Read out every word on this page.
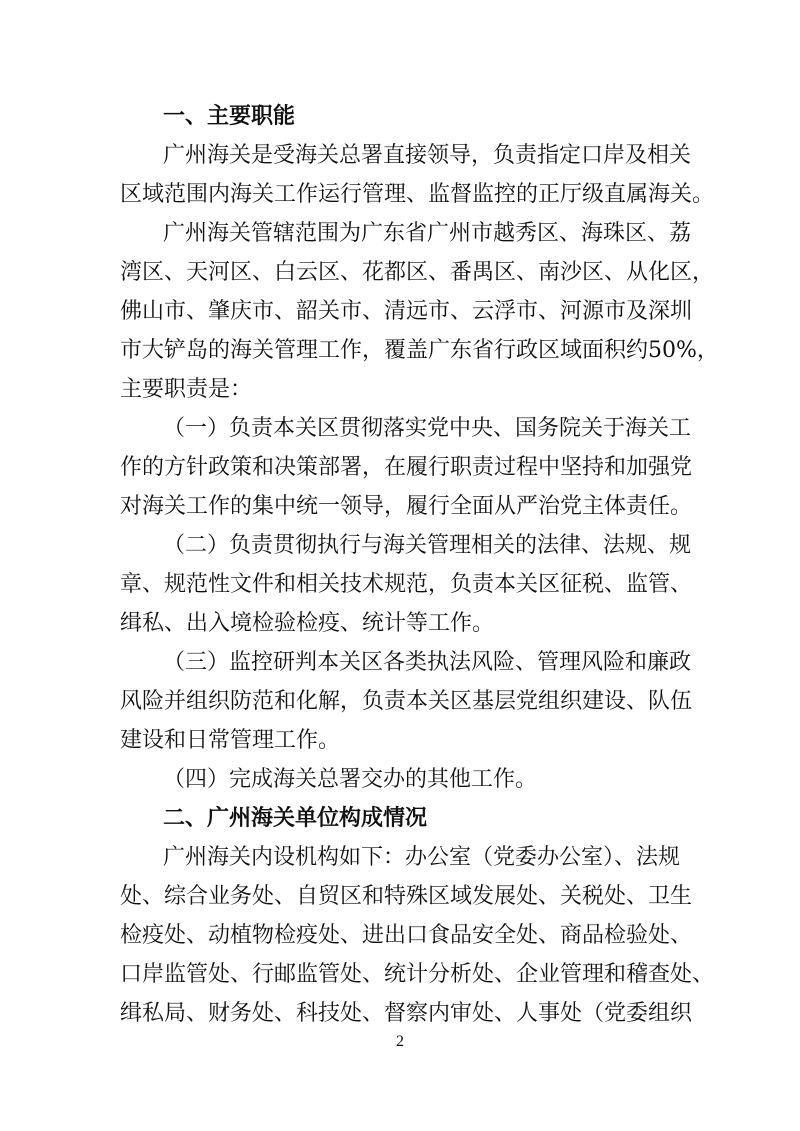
一、主要职能
广州海关是受海关总署直接领导，负责指定口岸及相关
区域范围内海关工作运行管理、监督监控的正厅级直属海关。
广州海关管辖范围为广东省广州市越秀区、海珠区、荔
湾区、天河区、白云区、花都区、番禺区、南沙区、从化区，
佛山市、肇庆市、韶关市、清远市、云浮市、河源市及深圳
市大铲岛的海关管理工作，覆盖广东省行政区域面积约50%，
主要职责是：
（一）负责本关区贯彻落实党中央、国务院关于海关工
作的方针政策和决策部署，在履行职责过程中坚持和加强党
对海关工作的集中统一领导，履行全面从严治党主体责任。
（二）负责贯彻执行与海关管理相关的法律、法规、规
章、规范性文件和相关技术规范，负责本关区征税、监管、
缉私、出入境检验检疫、统计等工作。
（三）监控研判本关区各类执法风险、管理风险和廉政
风险并组织防范和化解，负责本关区基层党组织建设、队伍
建设和日常管理工作。
（四）完成海关总署交办的其他工作。
二、广州海关单位构成情况
广州海关内设机构如下：办公室（党委办公室）、法规
处、综合业务处、自贸区和特殊区域发展处、关税处、卫生
检疫处、动植物检疫处、进出口食品安全处、商品检验处、
口岸监管处、行邮监管处、统计分析处、企业管理和稽查处、
缉私局、财务处、科技处、督察内审处、人事处（党委组织
2
